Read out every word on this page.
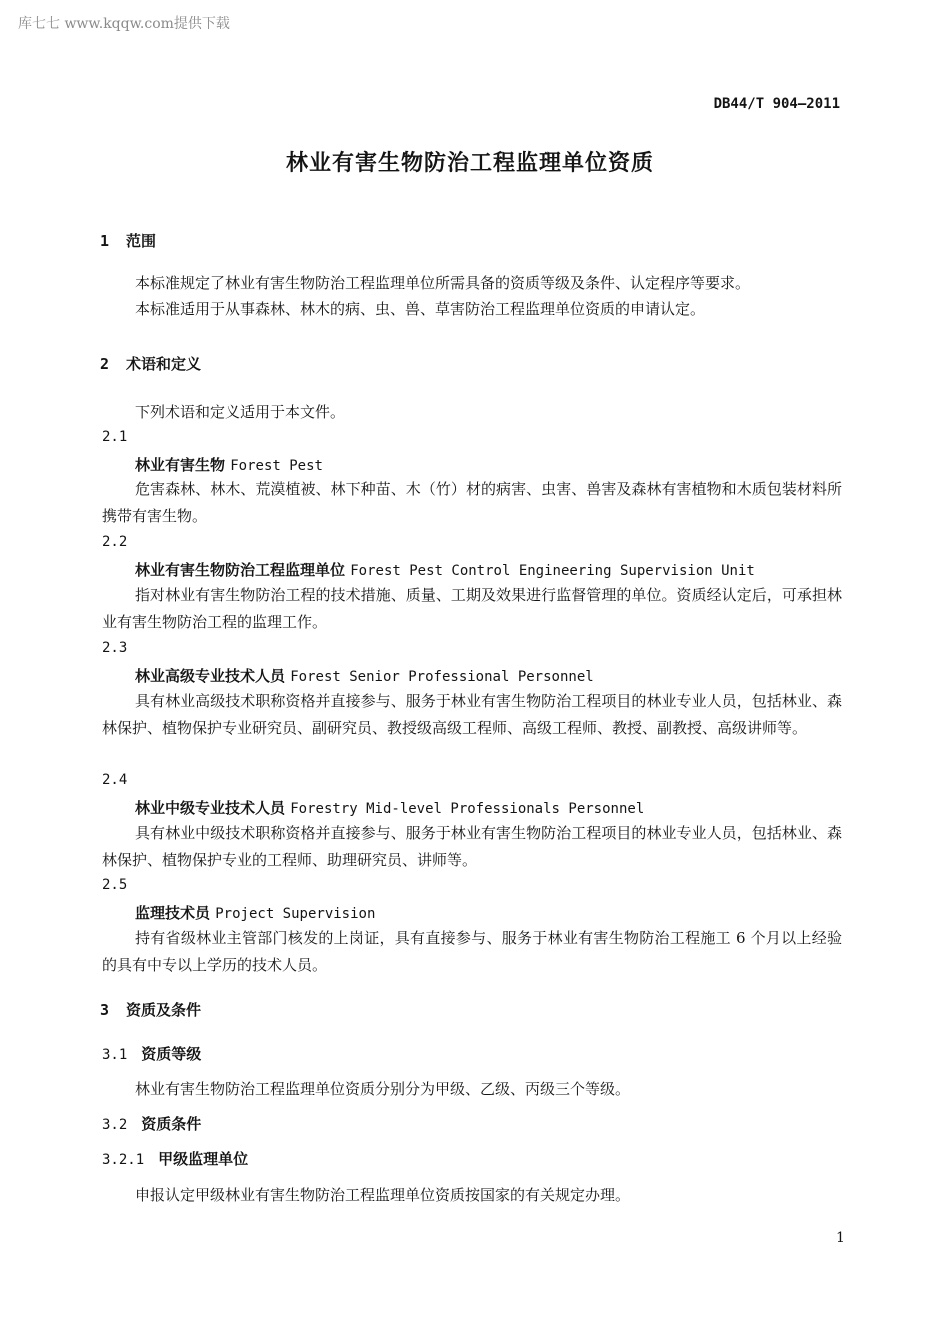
库七七 www.kqqw.com提供下载
DB44/T 904—2011
林业有害生物防治工程监理单位资质
1 范围
本标准规定了林业有害生物防治工程监理单位所需具备的资质等级及条件、认定程序等要求。
本标准适用于从事森林、林木的病、虫、兽、草害防治工程监理单位资质的申请认定。
2 术语和定义
下列术语和定义适用于本文件。
2.1
林业有害生物 Forest Pest
危害森林、林木、荒漠植被、林下种苗、木（竹）材的病害、虫害、兽害及森林有害植物和木质包装材料所携带有害生物。
2.2
林业有害生物防治工程监理单位 Forest Pest Control Engineering Supervision Unit
指对林业有害生物防治工程的技术措施、质量、工期及效果进行监督管理的单位。资质经认定后，可承担林业有害生物防治工程的监理工作。
2.3
林业高级专业技术人员 Forest Senior Professional Personnel
具有林业高级技术职称资格并直接参与、服务于林业有害生物防治工程项目的林业专业人员，包括林业、森林保护、植物保护专业研究员、副研究员、教授级高级工程师、高级工程师、教授、副教授、高级讲师等。
2.4
林业中级专业技术人员 Forestry Mid-level Professionals Personnel
具有林业中级技术职称资格并直接参与、服务于林业有害生物防治工程项目的林业专业人员，包括林业、森林保护、植物保护专业的工程师、助理研究员、讲师等。
2.5
监理技术员 Project Supervision
持有省级林业主管部门核发的上岗证，具有直接参与、服务于林业有害生物防治工程施工 6 个月以上经验的具有中专以上学历的技术人员。
3 资质及条件
3.1 资质等级
林业有害生物防治工程监理单位资质分别分为甲级、乙级、丙级三个等级。
3.2 资质条件
3.2.1 甲级监理单位
申报认定甲级林业有害生物防治工程监理单位资质按国家的有关规定办理。
1
